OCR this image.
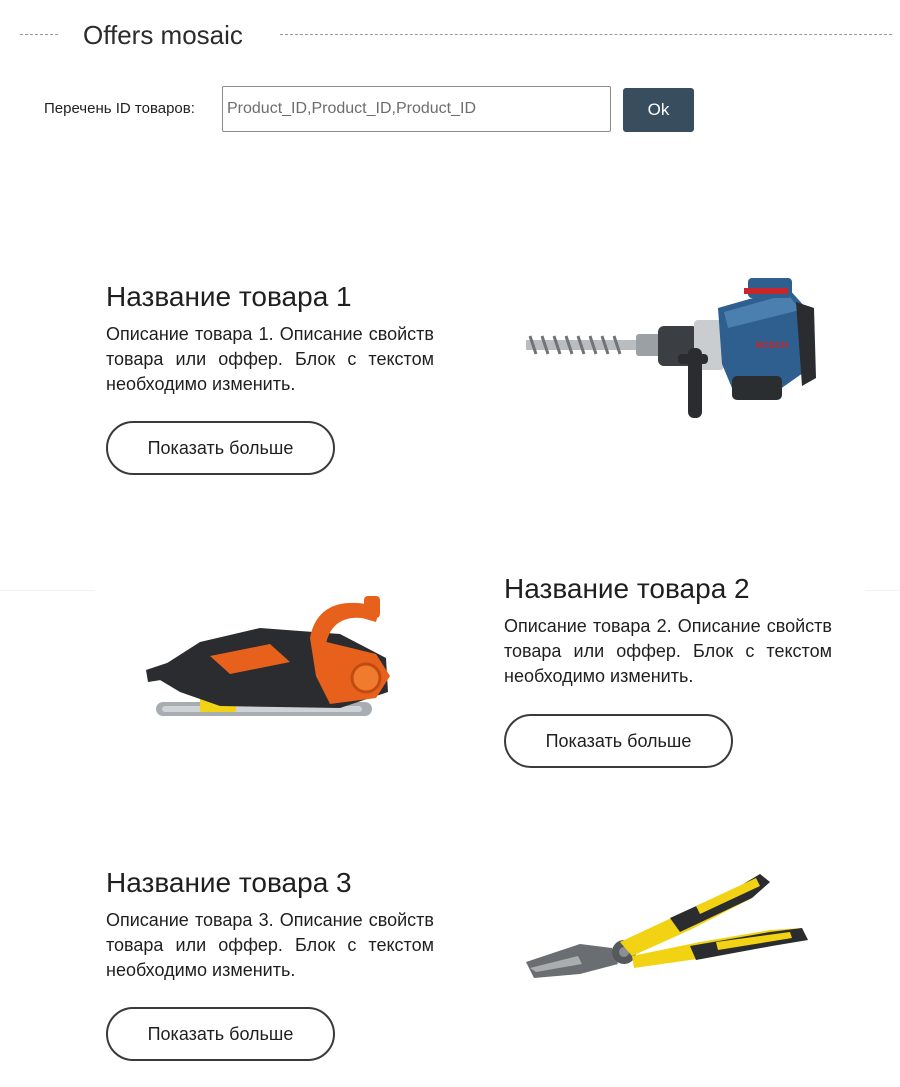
Offers mosaic
Перечень ID товаров:
Product_ID,Product_ID,Product_ID	Ok
Название товара 1

Описание товара 1. Описание свойств товара или оффер. Блок с текстом необходимо изменить.

Показать больше
BOSCH
Название товара 2

Описание товара 2. Описание свойств товара или оффер. Блок с текстом необходимо изменить.

Показать больше
Название товара 3

Описание товара 3. Описание свойств товара или оффер. Блок с текстом необходимо изменить.

Показать больше
